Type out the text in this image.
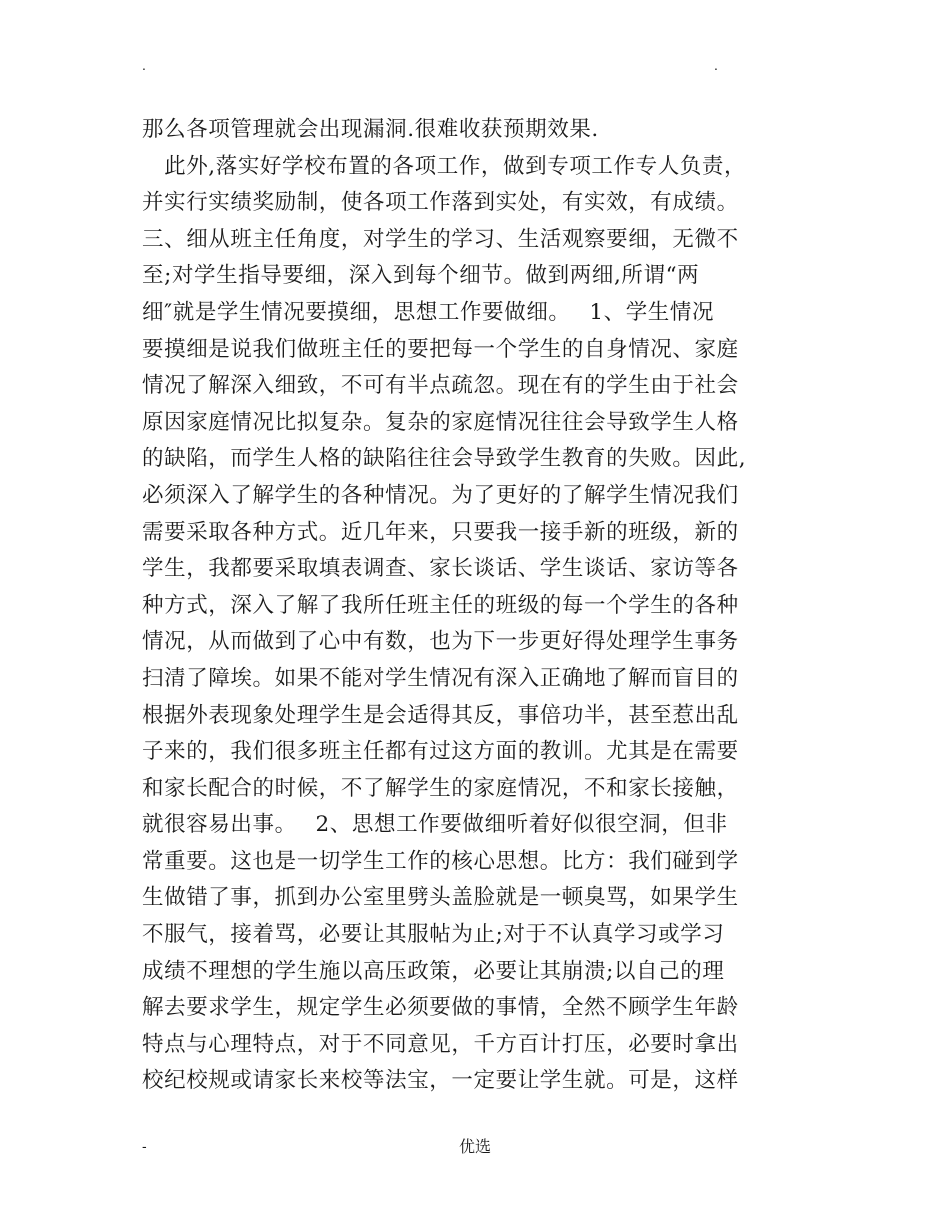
.	.
那么各项管理就会出现漏洞.很难收获预期效果.
　此外,落实好学校布置的各项工作，做到专项工作专人负责，
并实行实绩奖励制，使各项工作落到实处，有实效，有成绩。
三、细从班主任角度，对学生的学习、生活观察要细，无微不
至;对学生指导要细，深入到每个细节。做到两细,所谓“两
细″就是学生情况要摸细，思想工作要做细。　 1、学生情况
要摸细是说我们做班主任的要把每一个学生的自身情况、家庭
情况了解深入细致，不可有半点疏忽。现在有的学生由于社会
原因家庭情况比拟复杂。复杂的家庭情况往往会导致学生人格
的缺陷，而学生人格的缺陷往往会导致学生教育的失败。因此,
必须深入了解学生的各种情况。为了更好的了解学生情况我们
需要采取各种方式。近几年来，只要我一接手新的班级，新的
学生，我都要采取填表调查、家长谈话、学生谈话、家访等各
种方式，深入了解了我所任班主任的班级的每一个学生的各种
情况，从而做到了心中有数，也为下一步更好得处理学生事务
扫清了障埃。如果不能对学生情况有深入正确地了解而盲目的
根据外表现象处理学生是会适得其反，事倍功半，甚至惹出乱
子来的，我们很多班主任都有过这方面的教训。尤其是在需要
和家长配合的时候，不了解学生的家庭情况，不和家长接触，
就很容易出事。　 2、思想工作要做细听着好似很空洞，但非
常重要。这也是一切学生工作的核心思想。比方：我们碰到学
生做错了事，抓到办公室里劈头盖脸就是一顿臭骂，如果学生
不服气，接着骂，必要让其服帖为止;对于不认真学习或学习
成绩不理想的学生施以高压政策，必要让其崩溃;以自己的理
解去要求学生，规定学生必须要做的事情，全然不顾学生年龄
特点与心理特点，对于不同意见，千方百计打压，必要时拿出
校纪校规或请家长来校等法宝，一定要让学生就。可是，这样
-	优选
